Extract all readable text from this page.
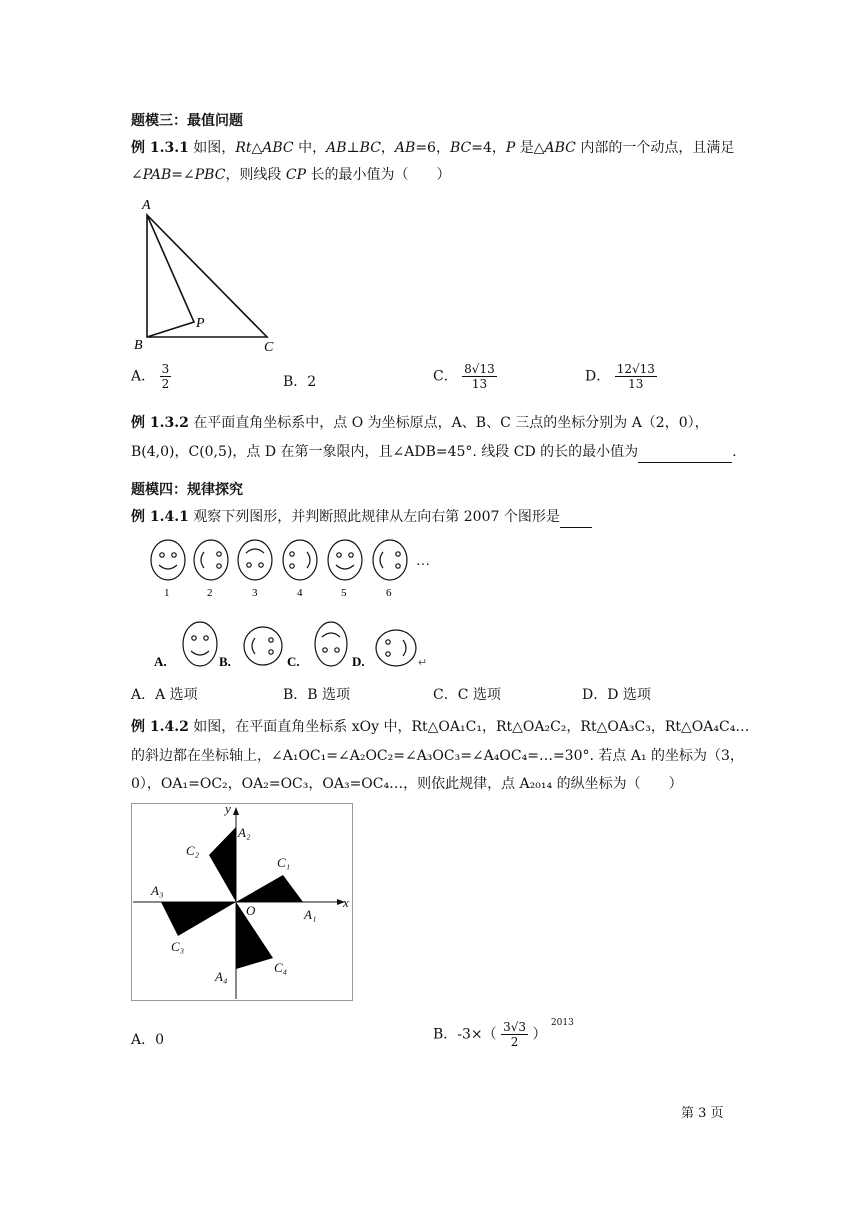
题模三：最值问题
例 1.3.1 如图，Rt△ABC 中，AB⊥BC，AB=6，BC=4，P 是△ABC 内部的一个动点，且满足
∠PAB=∠PBC，则线段 CP 长的最小值为（　　）
A
B	C
P
A． $\frac{3}{2}$	B．2	C． $\frac{8√13}{13}$	D． $\frac{12√13}{13}$
例 1.3.2 在平面直角坐标系中，点 O 为坐标原点，A、B、C 三点的坐标分别为 A（2，0），
B(4,0)，C(0,5)，点 D 在第一象限内，且∠ADB=45°. 线段 CD 的长的最小值为	.
题模四：规律探究
例 1.4.1 观察下列图形，并判断照此规律从左向右第 2007 个图形是
…
1	2	3	4	5	6
A.	B.	C.	D.	↵
A．A 选项	B．B 选项	C．C 选项	D．D 选项
例 1.4.2 如图，在平面直角坐标系 xOy 中，Rt△OA₁C₁，Rt△OA₂C₂，Rt△OA₃C₃，Rt△OA₄C₄…
的斜边都在坐标轴上，∠A₁OC₁=∠A₂OC₂=∠A₃OC₃=∠A₄OC₄=…=30°. 若点 A₁ 的坐标为（3，
0），OA₁=OC₂，OA₂=OC₃，OA₃=OC₄…，则依此规律，点 A₂₀₁₄ 的纵坐标为（　　）
x
y
O	A₁
C₁
A₂
C₂
A₃
C₃
A₄
C₄
A．0	B．$-3\times( \frac{3√3}{2}$ ） $^{2013}$
第 3 页
